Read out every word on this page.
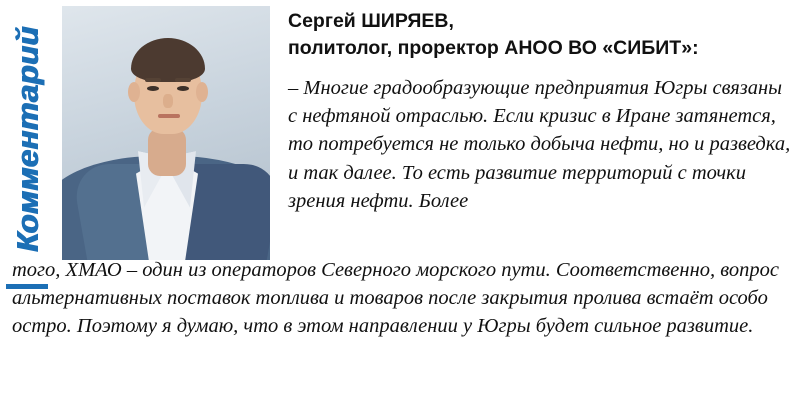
Комментарий
Сергей ШИРЯЕВ,
политолог, проректор АНОО ВО «СИБИТ»:
– Многие градообразующие предприятия Югры связаны с нефтяной отраслью. Если кризис в Иране затянется, то потребуется не только добыча нефти, но и разведка, и так далее. То есть развитие территорий с точки зрения нефти. Более
того, ХМАО – один из операторов Северного морского пути. Соответственно, вопрос альтернативных поставок топлива и товаров после закрытия пролива встаёт особо остро. Поэтому я думаю, что в этом направлении у Югры будет сильное развитие.
